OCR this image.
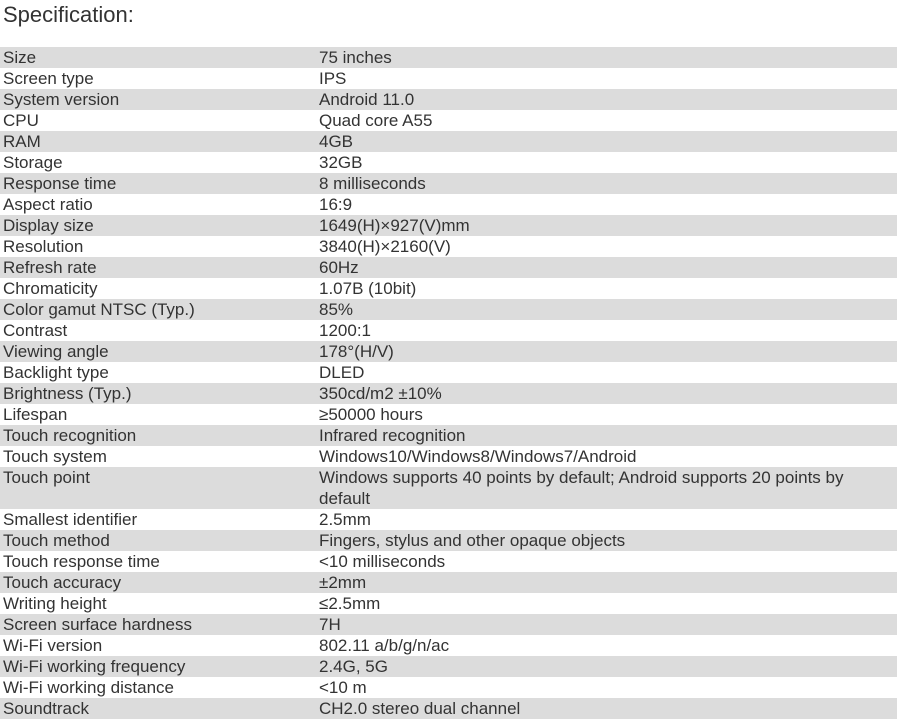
Specification:
Size	75 inches
Screen type	IPS
System version	Android 11.0
CPU	Quad core A55
RAM	4GB
Storage	32GB
Response time	8 milliseconds
Aspect ratio	16:9
Display size	1649(H)×927(V)mm
Resolution	3840(H)×2160(V)
Refresh rate	60Hz
Chromaticity	1.07B (10bit)
Color gamut NTSC (Typ.)	85%
Contrast	1200:1
Viewing angle	178°(H/V)
Backlight type	DLED
Brightness (Typ.)	350cd/m2 ±10%
Lifespan	≥50000 hours
Touch recognition	Infrared recognition
Touch system	Windows10/Windows8/Windows7/Android
Touch point	Windows supports 40 points by default; Android supports 20 points by default
Smallest identifier	2.5mm
Touch method	Fingers, stylus and other opaque objects
Touch response time	<10 milliseconds
Touch accuracy	±2mm
Writing height	≤2.5mm
Screen surface hardness	7H
Wi-Fi version	802.11 a/b/g/n/ac
Wi-Fi working frequency	2.4G, 5G
Wi-Fi working distance	<10 m
Soundtrack	CH2.0 stereo dual channel
